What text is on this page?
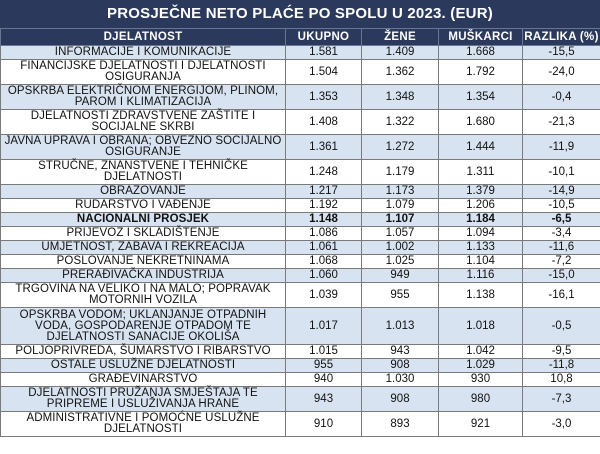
PROSJEČNE NETO PLAĆE PO SPOLU U 2023. (EUR)
DJELATNOST	UKUPNO	ŽENE	MUŠKARCI	RAZLIKA (%)
INFORMACIJE I KOMUNIKACIJE	1.581	1.409	1.668	-15,5
FINANCIJSKE DJELATNOSTI I DJELATNOSTI OSIGURANJA	1.504	1.362	1.792	-24,0
OPSKRBA ELEKTRIČNOM ENERGIJOM, PLINOM, PAROM I KLIMATIZACIJA	1.353	1.348	1.354	-0,4
DJELATNOSTI ZDRAVSTVENE ZAŠTITE I SOCIJALNE SKRBI	1.408	1.322	1.680	-21,3
JAVNA UPRAVA I OBRANA; OBVEZNO SOCIJALNO OSIGURANJE	1.361	1.272	1.444	-11,9
STRUČNE, ZNANSTVENE I TEHNIČKE DJELATNOSTI	1.248	1.179	1.311	-10,1
OBRAZOVANJE	1.217	1.173	1.379	-14,9
RUDARSTVO I VAĐENJE	1.192	1.079	1.206	-10,5
NACIONALNI PROSJEK	1.148	1.107	1.184	-6,5
PRIJEVOZ I SKLADIŠTENJE	1.086	1.057	1.094	-3,4
UMJETNOST, ZABAVA I REKREACIJA	1.061	1.002	1.133	-11,6
POSLOVANJE NEKRETNINAMA	1.068	1.025	1.104	-7,2
PRERAĐIVAČKA INDUSTRIJA	1.060	949	1.116	-15,0
TRGOVINA NA VELIKO I NA MALO; POPRAVAK MOTORNIH VOZILA	1.039	955	1.138	-16,1
OPSKRBA VODOM; UKLANJANJE OTPADNIH VODA, GOSPODARENJE OTPADOM TE DJELATNOSTI SANACIJE OKOLIŠA	1.017	1.013	1.018	-0,5
POLJOPRIVREDA, ŠUMARSTVO I RIBARSTVO	1.015	943	1.042	-9,5
OSTALE USLUŽNE DJELATNOSTI	955	908	1.029	-11,8
GRAĐEVINARSTVO	940	1.030	930	10,8
DJELATNOSTI PRUŽANJA SMJEŠTAJA TE PRIPREME I USLUŽIVANJA HRANE	943	908	980	-7,3
ADMINISTRATIVNE I POMOĆNE USLUŽNE DJELATNOSTI	910	893	921	-3,0
